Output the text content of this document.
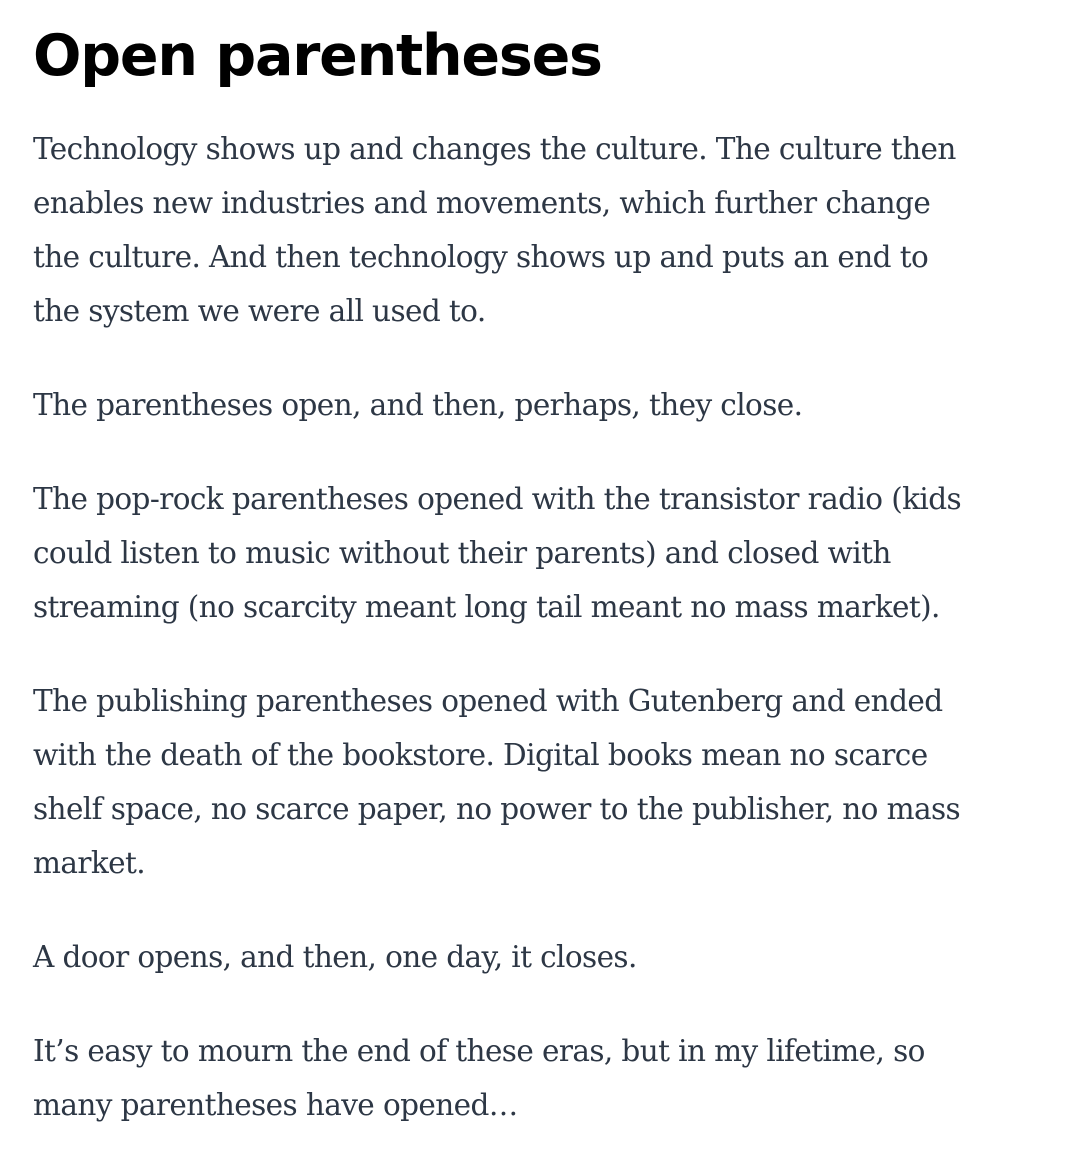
Open parentheses

Technology shows up and changes the culture. The culture then
enables new industries and movements, which further change
the culture. And then technology shows up and puts an end to
the system we were all used to.

The parentheses open, and then, perhaps, they close.

The pop-rock parentheses opened with the transistor radio (kids
could listen to music without their parents) and closed with
streaming (no scarcity meant long tail meant no mass market).

The publishing parentheses opened with Gutenberg and ended
with the death of the bookstore. Digital books mean no scarce
shelf space, no scarce paper, no power to the publisher, no mass
market.

A door opens, and then, one day, it closes.

It’s easy to mourn the end of these eras, but in my lifetime, so
many parentheses have opened…
